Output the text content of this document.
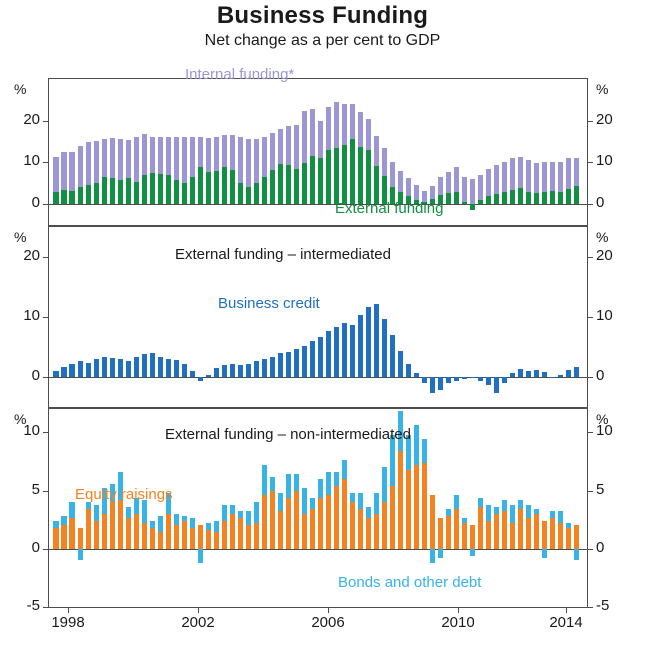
Business Funding
Net change as a per cent to GDP
0	0
10	10
20	20
%	%
0	0
10	10
20	20
%	%
-5	-5
0	0
5	5
10	10
%	%
Internal funding*
External funding
External funding – intermediated
Business credit
External funding – non-intermediated
Equity raisings
Bonds and other debt
1998	2002	2006	2010	2014
